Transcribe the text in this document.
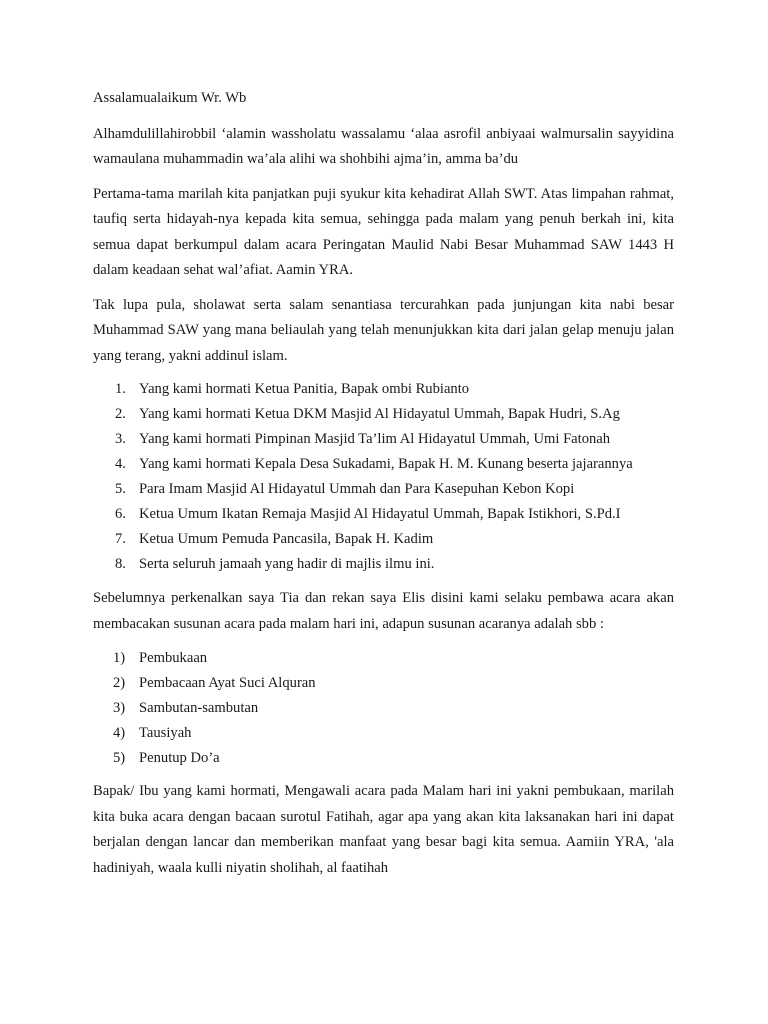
Assalamualaikum Wr. Wb

Alhamdulillahirobbil ‘alamin wassholatu wassalamu ‘alaa asrofil anbiyaai walmursalin sayyidina wamaulana muhammadin wa’ala alihi wa shohbihi ajma’in, amma ba’du

Pertama-tama marilah kita panjatkan puji syukur kita kehadirat Allah SWT. Atas limpahan rahmat, taufiq serta hidayah-nya kepada kita semua, sehingga pada malam yang penuh berkah ini, kita semua dapat berkumpul dalam acara Peringatan Maulid Nabi Besar Muhammad SAW 1443 H dalam keadaan sehat wal’afiat. Aamin YRA.

Tak lupa pula, sholawat serta salam senantiasa tercurahkan pada junjungan kita nabi besar Muhammad SAW yang mana beliaulah yang telah menunjukkan kita dari jalan gelap menuju jalan yang terang, yakni addinul islam.

1. Yang kami hormati Ketua Panitia, Bapak ombi Rubianto
2. Yang kami hormati Ketua DKM Masjid Al Hidayatul Ummah, Bapak Hudri, S.Ag
3. Yang kami hormati Pimpinan Masjid Ta’lim Al Hidayatul Ummah, Umi Fatonah
4. Yang kami hormati Kepala Desa Sukadami, Bapak H. M. Kunang beserta jajarannya
5. Para Imam Masjid Al Hidayatul Ummah dan Para Kasepuhan Kebon Kopi
6. Ketua Umum Ikatan Remaja Masjid Al Hidayatul Ummah, Bapak Istikhori, S.Pd.I
7. Ketua Umum Pemuda Pancasila, Bapak H. Kadim
8. Serta seluruh jamaah yang hadir di majlis ilmu ini.

Sebelumnya perkenalkan saya Tia dan rekan saya Elis disini kami selaku pembawa acara akan membacakan susunan acara pada malam hari ini, adapun susunan acaranya adalah sbb :

1) Pembukaan
2) Pembacaan Ayat Suci Alquran
3) Sambutan-sambutan
4) Tausiyah
5) Penutup Do’a

Bapak/ Ibu yang kami hormati, Mengawali acara pada Malam hari ini yakni pembukaan, marilah kita buka acara dengan bacaan surotul Fatihah, agar apa yang akan kita laksanakan hari ini dapat berjalan dengan lancar dan memberikan manfaat yang besar bagi kita semua. Aamiin YRA, 'ala hadiniyah, waala kulli niyatin sholihah, al faatihah
